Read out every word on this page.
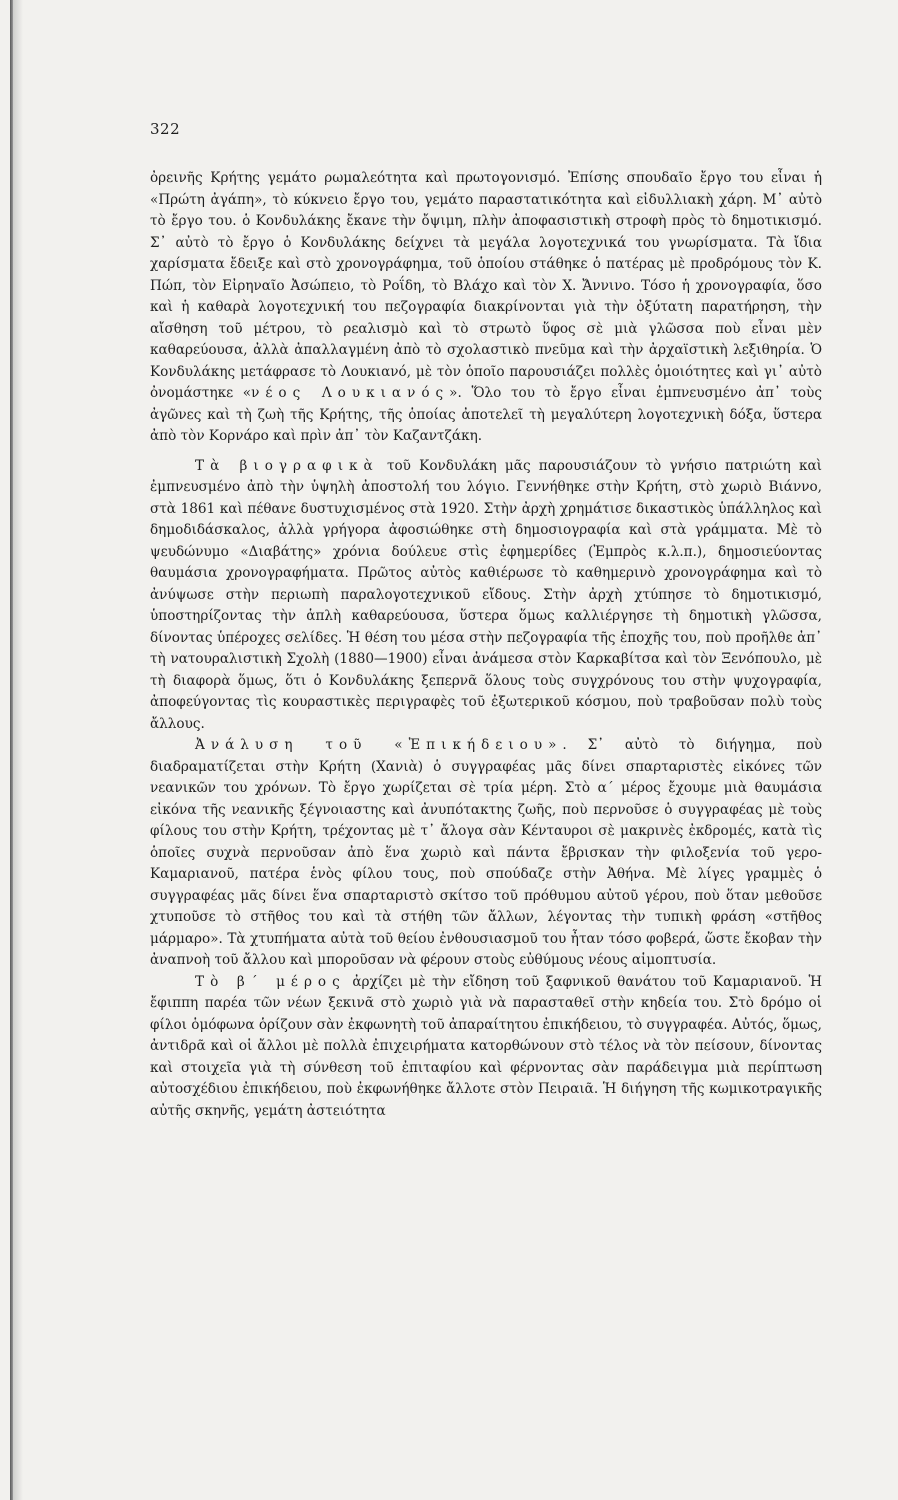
322

ὀρεινῆς Κρήτης γεμάτο ρωμαλεότητα καὶ πρωτογονισμό. Ἐπίσης σπουδαῖο ἔργο του εἶναι ἡ «Πρώτη ἀγάπη», τὸ κύκνειο ἔργο του, γεμάτο παραστατικότητα καὶ εἰδυλλιακὴ χάρη. Μ᾽ αὐτὸ τὸ ἔργο του. ὁ Κονδυλάκης ἔκανε τὴν ὄψιμη, πλὴν ἀποφασιστικὴ στροφὴ πρὸς τὸ δημοτικισμό. Σ᾽ αὐτὸ τὸ ἔργο ὁ Κονδυλάκης δείχνει τὰ μεγάλα λογοτεχνικά του γνωρίσματα. Τὰ ἴδια χαρίσματα ἔδειξε καὶ στὸ χρονογράφημα, τοῦ ὁποίου στάθηκε ὁ πατέρας μὲ προδρόμους τὸν Κ. Πώπ, τὸν Εἰρηναῖο Ἀσώπειο, τὸ Ροΐδη, τὸ Βλάχο καὶ τὸν Χ. Ἄννινο. Τόσο ἡ χρονογραφία, ὅσο καὶ ἡ καθαρὰ λογοτεχνική του πεζογραφία διακρίνονται γιὰ τὴν ὀξύτατη παρατήρηση, τὴν αἴσθηση τοῦ μέτρου, τὸ ρεαλισμὸ καὶ τὸ στρωτὸ ὕφος σὲ μιὰ γλῶσσα ποὺ εἶναι μὲν καθαρεύουσα, ἀλλὰ ἀπαλλαγμένη ἀπὸ τὸ σχολαστικὸ πνεῦμα καὶ τὴν ἀρχαϊστικὴ λεξιθηρία. Ὁ Κονδυλάκης μετάφρασε τὸ Λουκιανό, μὲ τὸν ὁποῖο παρουσιάζει πολλὲς ὁμοιότητες καὶ γι᾽ αὐτὸ ὀνομάστηκε «νέος Λουκιανός». Ὅλο του τὸ ἔργο εἶναι ἐμπνευσμένο ἀπ᾽ τοὺς ἀγῶνες καὶ τὴ ζωὴ τῆς Κρήτης, τῆς ὁποίας ἀποτελεῖ τὴ μεγαλύτερη λογοτεχνικὴ δόξα, ὕστερα ἀπὸ τὸν Κορνάρο καὶ πρὶν ἀπ᾽ τὸν Καζαντζάκη.

Τὰ βιογραφικὰ τοῦ Κονδυλάκη μᾶς παρουσιάζουν τὸ γνήσιο πατριώτη καὶ ἐμπνευσμένο ἀπὸ τὴν ὑψηλὴ ἀποστολή του λόγιο. Γεννήθηκε στὴν Κρήτη, στὸ χωριὸ Βιάννο, στὰ 1861 καὶ πέθανε δυστυχισμένος στὰ 1920. Στὴν ἀρχὴ χρημάτισε δικαστικὸς ὑπάλληλος καὶ δημοδιδάσκαλος, ἀλλὰ γρήγορα ἀφοσιώθηκε στὴ δημοσιογραφία καὶ στὰ γράμματα. Μὲ τὸ ψευδώνυμο «Διαβάτης» χρόνια δούλευε στὶς ἐφημερίδες (Ἐμπρὸς κ.λ.π.), δημοσιεύοντας θαυμάσια χρονογραφήματα. Πρῶτος αὐτὸς καθιέρωσε τὸ καθημερινὸ χρονογράφημα καὶ τὸ ἀνύψωσε στὴν περιωπὴ παραλογοτεχνικοῦ εἴδους. Στὴν ἀρχὴ χτύπησε τὸ δημοτικισμό, ὑποστηρίζοντας τὴν ἁπλὴ καθαρεύουσα, ὕστερα ὅμως καλλιέργησε τὴ δημοτικὴ γλῶσσα, δίνοντας ὑπέροχες σελίδες. Ἡ θέση του μέσα στὴν πεζογραφία τῆς ἐποχῆς του, ποὺ προῆλθε ἀπ᾽ τὴ νατουραλιστικὴ Σχολὴ (1880—1900) εἶναι ἀνάμεσα στὸν Καρκαβίτσα καὶ τὸν Ξενόπουλο, μὲ τὴ διαφορὰ ὅμως, ὅτι ὁ Κονδυλάκης ξεπερνᾶ ὅλους τοὺς συγχρόνους του στὴν ψυχογραφία, ἀποφεύγοντας τὶς κουραστικὲς περιγραφὲς τοῦ ἐξωτερικοῦ κόσμου, ποὺ τραβοῦσαν πολὺ τοὺς ἄλλους.

Ἀνάλυση τοῦ «Ἐπικήδειου». Σ᾽ αὐτὸ τὸ διήγημα, ποὺ διαδραματίζεται στὴν Κρήτη (Χανιὰ) ὁ συγγραφέας μᾶς δίνει σπαρταριστὲς εἰκόνες τῶν νεανικῶν του χρόνων. Τὸ ἔργο χωρίζεται σὲ τρία μέρη. Στὸ α΄ μέρος ἔχουμε μιὰ θαυμάσια εἰκόνα τῆς νεανικῆς ξέγνοιαστης καὶ ἀνυπότακτης ζωῆς, ποὺ περνοῦσε ὁ συγγραφέας μὲ τοὺς φίλους του στὴν Κρήτη, τρέχοντας μὲ τ᾽ ἄλογα σὰν Κένταυροι σὲ μακρινὲς ἐκδρομές, κατὰ τὶς ὁποῖες συχνὰ περνοῦσαν ἀπὸ ἕνα χωριὸ καὶ πάντα ἔβρισκαν τὴν φιλοξενία τοῦ γερο-Καμαριανοῦ, πατέρα ἑνὸς φίλου τους, ποὺ σπούδαζε στὴν Ἀθήνα. Μὲ λίγες γραμμὲς ὁ συγγραφέας μᾶς δίνει ἕνα σπαρταριστὸ σκίτσο τοῦ πρόθυμου αὐτοῦ γέρου, ποὺ ὅταν μεθοῦσε χτυποῦσε τὸ στῆθος του καὶ τὰ στήθη τῶν ἄλλων, λέγοντας τὴν τυπικὴ φράση «στῆθος μάρμαρο». Τὰ χτυπήματα αὐτὰ τοῦ θείου ἐνθουσιασμοῦ του ἦταν τόσο φοβερά, ὥστε ἔκοβαν τὴν ἀναπνοὴ τοῦ ἄλλου καὶ μποροῦσαν νὰ φέρουν στοὺς εὐθύμους νέους αἱμοπτυσία.

Τὸ β΄ μέρος ἀρχίζει μὲ τὴν εἴδηση τοῦ ξαφνικοῦ θανάτου τοῦ Καμαριανοῦ. Ἡ ἔφιππη παρέα τῶν νέων ξεκινᾶ στὸ χωριὸ γιὰ νὰ παρασταθεῖ στὴν κηδεία του. Στὸ δρόμο οἱ φίλοι ὁμόφωνα ὁρίζουν σὰν ἐκφωνητὴ τοῦ ἀπαραίτητου ἐπικήδειου, τὸ συγγραφέα. Αὐτός, ὅμως, ἀντιδρᾶ καὶ οἱ ἄλλοι μὲ πολλὰ ἐπιχειρήματα κατορθώνουν στὸ τέλος νὰ τὸν πείσουν, δίνοντας καὶ στοιχεῖα γιὰ τὴ σύνθεση τοῦ ἐπιταφίου καὶ φέρνοντας σὰν παράδειγμα μιὰ περίπτωση αὐτοσχέδιου ἐπικήδειου, ποὺ ἐκφωνήθηκε ἄλλοτε στὸν Πειραιᾶ. Ἡ διήγηση τῆς κωμικοτραγικῆς αὐτῆς σκηνῆς, γεμάτη ἀστειότητα
